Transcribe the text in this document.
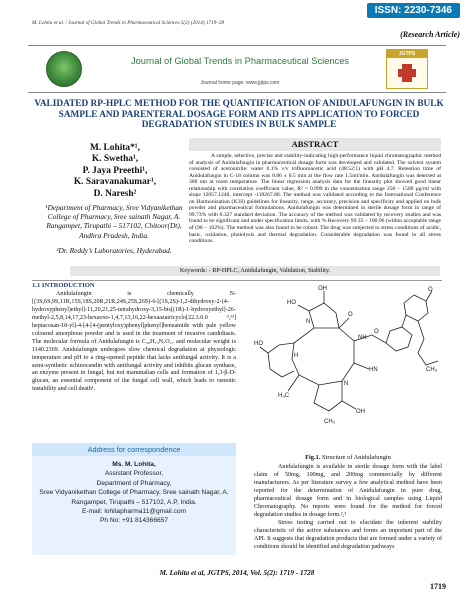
ISSN: 2230-7346
M. Lohita et al. / Journal of Global Trends in Pharmaceutical Sciences 5(2) (2014) 1719–28
(Research Article)
JGTPS
Journal of Global Trends in Pharmaceutical Sciences
Journal home page: www.jgtps.com
VALIDATED RP-HPLC METHOD FOR THE QUANTIFICATION OF ANIDULAFUNGIN IN BULK SAMPLE AND PARENTERAL DOSAGE FORM AND ITS APPLICATION TO FORCED DEGRADATION STUDIES IN BULK SAMPLE
M. Lohita*¹,
K. Swetha¹,
P. Jaya Preethi¹,
K. Saravanakumar¹,
D. Naresh²
¹Department of Pharmacy, Sree Vidyanikethan College of Pharmacy, Sree sainath Nagar, A. Rangampet, Tirupathi – 517102, Chitoor(Dt), Andhra Pradesh, India.
²Dr. Reddy’s Laboratories, Hyderabad.
ABSTRACT
A simple, selective, precise and stability-indicating high-performance liquid chromatographic method of analysis of Anidulafungin in pharmaceutical dosage form was developed and validated. The solvent system consisted of acetonitrile: water 0.1% v/v trifluoroacetic acid (48:52:1) with pH 4.7. Retention time of Anidulafungin in C-18 column was 8.86 ± 0.5 min at the flow rate 1.5ml/min. Anidulafungin was detected at 300 nm at room temperature. The linear regression analysis data for the linearity plot showed good linear relationship with correlation coefficient value, R² = 0.999 in the concentration range 250 – 1500 µg/ml with slope 12057.1248, intercept -119267.88. The method was validated according to the International Conference on Harmonization (ICH) guidelines for linearity, range, accuracy, precision and specificity and applied on bulk powder and pharmaceutical formulations. Anidulafungin was determined in sterile dosage form in range of 99.73% with 0.327 standard deviation. The accuracy of the method was validated by recovery studies and was found to be significant and under specification limits, with % Recovery 99.35 – 100.96 (within acceptable range of (98 – 102%). The method was also found to be robust. The drug was subjected to stress conditions of acidic, basic, oxidation, photolysis and thermal degradation. Considerable degradation was found in all stress conditions.
Keywords: - RP-HPLC, Anidulafungin, Validation, Stability.
1.1 INTRODUCTION

Anidulafungin is chemically N-[(3S,6S,9S,11R,15S,18S,20R,21R,24S,25S,26S)-6-[(1S,2S)-1,2-dihydroxy-2-(4-hydroxyphenyl)ethyl]-11,20,21,25-tetrahydroxy-3,15-bis[(1R)-1-hydroxyethyl]-26-methyl-2,5,8,14,17,23-hexaoxo-1,4,7,13,16,22-hexaazatricyclo[22.3.0.0 ⁹,¹³] heptacosan-18-yl]-4-[4-[4-(pentyloxy)phenyl]phenyl]benzamide with pale yellow coloured amorphous powder and is used in the treatment of invasive candidiasis. The molecular formula of Anidulafungin is C₅₈H₇₃N₇O₁₇ and molecular weight is 1140.2369. Anidulafungin undergoes slow chemical degradation at physiologic temperature and pH to a ring-opened peptide that lacks antifungal activity. It is a semi-synthetic echinocandin with antifungal activity and inhibits glucan synthase, an enzyme present in fungal, but not mammalian cells and formation of 1,3-β-D-glucan, an essential component of the fungal cell wall, which leads to osmotic instability and cell death¹.

Address for correspondence
Ms. M. Lohita,
Assistant Professor,
Department of Pharmacy,
Sree Vidyanikethan College of Pharmacy, Sree sainath Nagar, A. Rangampet, Tirupathi – 517102, A.P, India.
E-mail: lohitapharma11@gmail.com
Ph No: +91 814366657
OH
HO
HO
O
NH
O
HN
N
H₃C
OH
CH₃
N
O
CH₃
H
Fig.1. Structure of Anidulafungin

Anidulafungin is available in sterile dosage form with the label claim of 50mg, 100mg, and 200mg commercially by different manufacturers. As per literature survey a few analytical method have been reported for the determination of Anidulafungin in pure drug, pharmaceutical dosage form and in biological samples using Liquid Chromatography. No reports were found for the method for forced degradation studies in dosage form.²,³

Stress testing carried out to elucidate the inherent stability characteristic of the active substances and forms an important part of the API. It suggests that degradation products that are formed under a variety of conditions should be identified and degradation pathways

M. Lohita et al, JGTPS, 2014, Vol. 5(2): 1719 - 1728
1719
